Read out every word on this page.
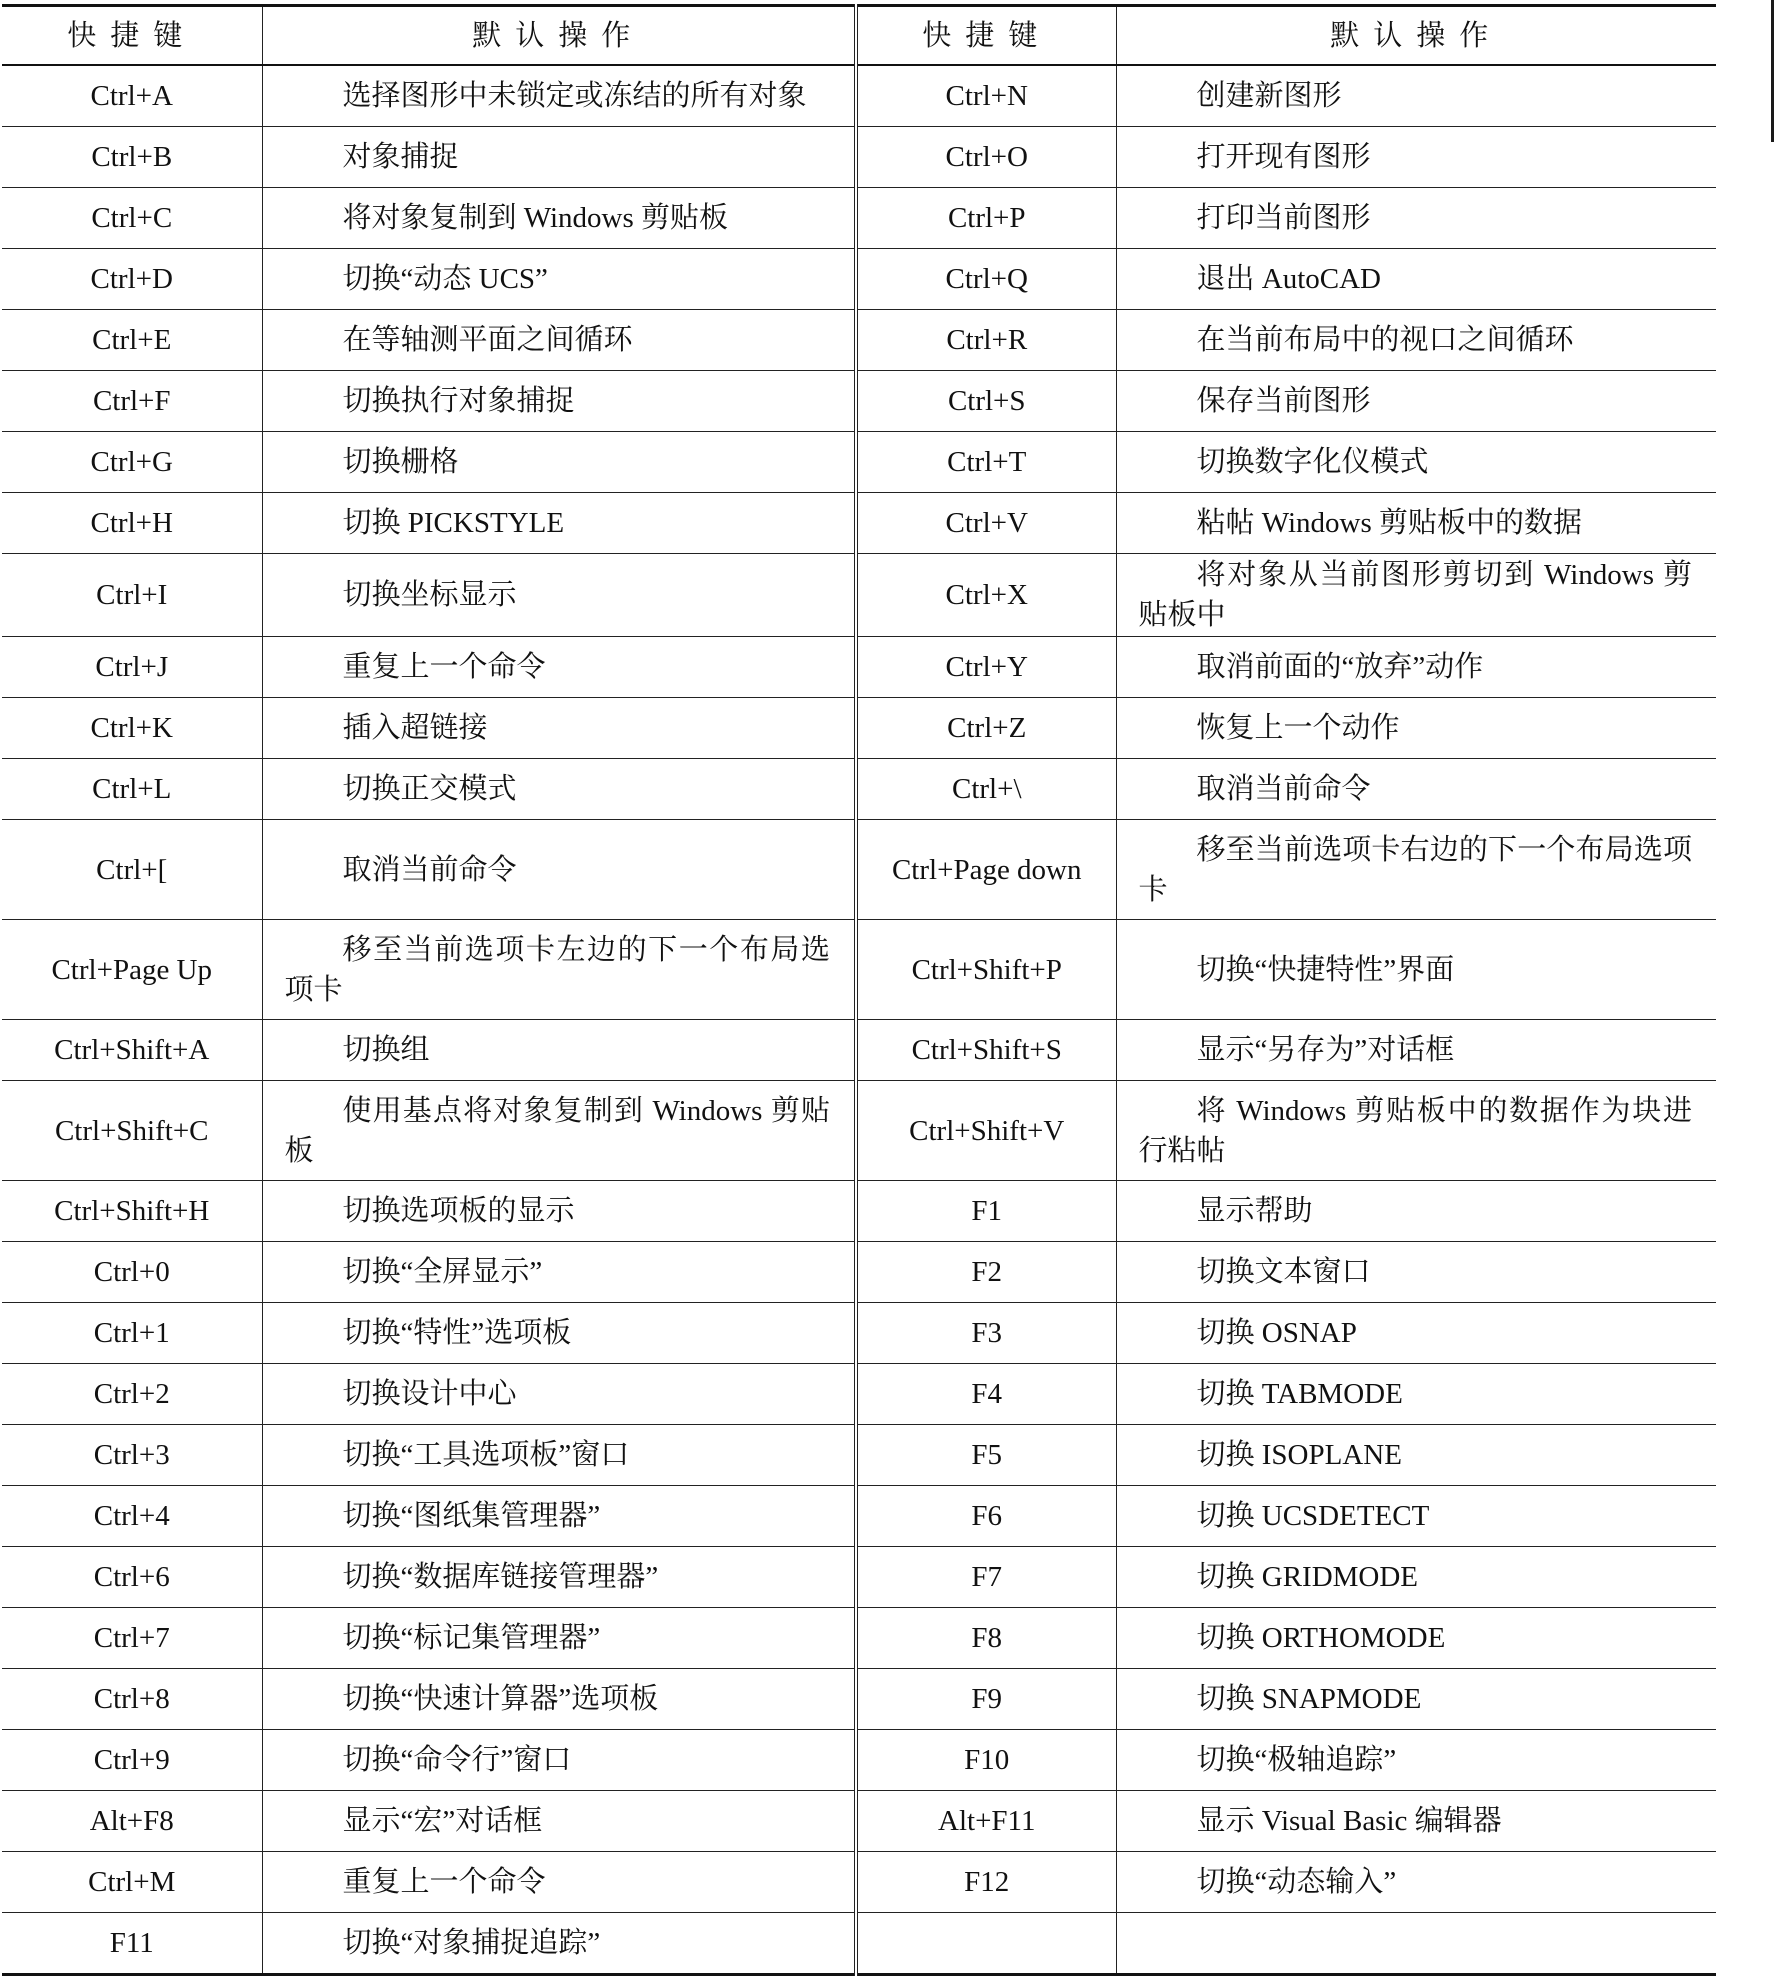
快捷键	默认操作	快捷键	默认操作
Ctrl+A	选择图形中未锁定或冻结的所有对象	Ctrl+N	创建新图形
Ctrl+B	对象捕捉	Ctrl+O	打开现有图形
Ctrl+C	将对象复制到 Windows 剪贴板	Ctrl+P	打印当前图形
Ctrl+D	切换“动态 UCS”	Ctrl+Q	退出 AutoCAD
Ctrl+E	在等轴测平面之间循环	Ctrl+R	在当前布局中的视口之间循环
Ctrl+F	切换执行对象捕捉	Ctrl+S	保存当前图形
Ctrl+G	切换栅格	Ctrl+T	切换数字化仪模式
Ctrl+H	切换 PICKSTYLE	Ctrl+V	粘帖 Windows 剪贴板中的数据
Ctrl+I	切换坐标显示	Ctrl+X	将对象从当前图形剪切到 Windows 剪贴板中
Ctrl+J	重复上一个命令	Ctrl+Y	取消前面的“放弃”动作
Ctrl+K	插入超链接	Ctrl+Z	恢复上一个动作
Ctrl+L	切换正交模式	Ctrl+\	取消当前命令
Ctrl+[	取消当前命令	Ctrl+Page down	移至当前选项卡右边的下一个布局选项卡
Ctrl+Page Up	移至当前选项卡左边的下一个布局选项卡	Ctrl+Shift+P	切换“快捷特性”界面
Ctrl+Shift+A	切换组	Ctrl+Shift+S	显示“另存为”对话框
Ctrl+Shift+C	使用基点将对象复制到 Windows 剪贴板	Ctrl+Shift+V	将 Windows 剪贴板中的数据作为块进行粘帖
Ctrl+Shift+H	切换选项板的显示	F1	显示帮助
Ctrl+0	切换“全屏显示”	F2	切换文本窗口
Ctrl+1	切换“特性”选项板	F3	切换 OSNAP
Ctrl+2	切换设计中心	F4	切换 TABMODE
Ctrl+3	切换“工具选项板”窗口	F5	切换 ISOPLANE
Ctrl+4	切换“图纸集管理器”	F6	切换 UCSDETECT
Ctrl+6	切换“数据库链接管理器”	F7	切换 GRIDMODE
Ctrl+7	切换“标记集管理器”	F8	切换 ORTHOMODE
Ctrl+8	切换“快速计算器”选项板	F9	切换 SNAPMODE
Ctrl+9	切换“命令行”窗口	F10	切换“极轴追踪”
Alt+F8	显示“宏”对话框	Alt+F11	显示 Visual Basic 编辑器
Ctrl+M	重复上一个命令	F12	切换“动态输入”
F11	切换“对象捕捉追踪”		
